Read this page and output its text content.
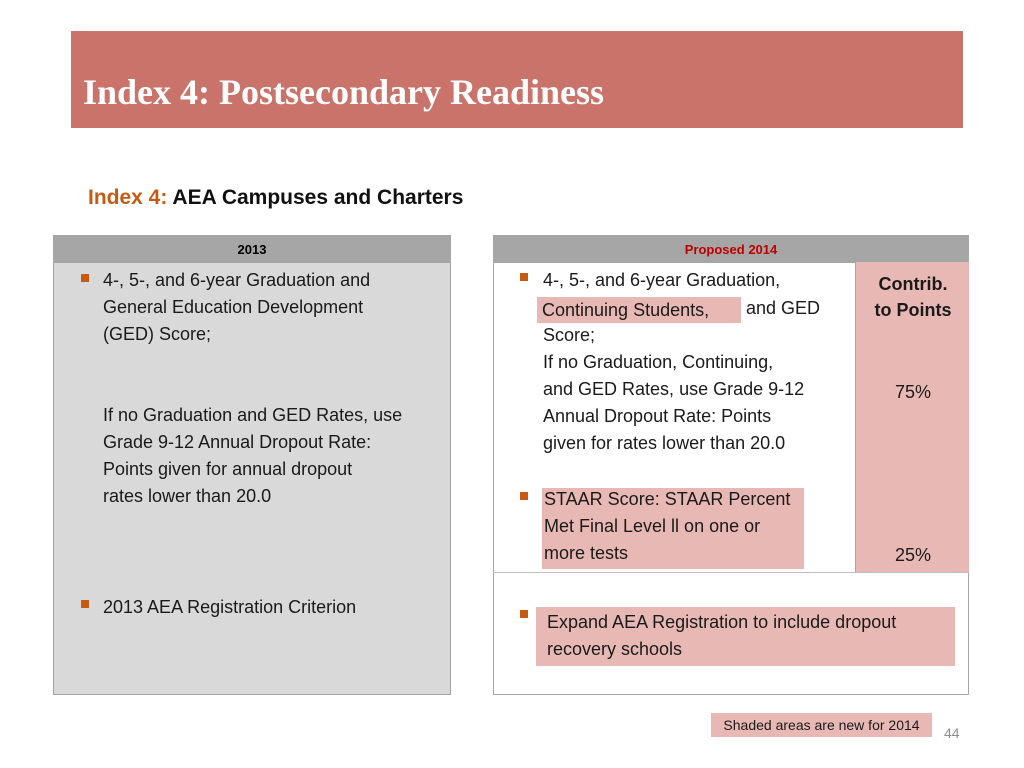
Index 4: Postsecondary Readiness
Index 4: AEA Campuses and Charters
2013
4-, 5-, and 6-year Graduation and
General Education Development
(GED) Score;
If no Graduation and GED Rates, use
Grade 9-12 Annual Dropout Rate:
Points given for annual dropout
rates lower than 20.0
2013 AEA Registration Criterion
Proposed 2014
Contrib.
to Points
75%
25%
4-, 5-, and 6-year Graduation,
Continuing Students, and GED
Score;
If no Graduation, Continuing,
and GED Rates, use Grade 9-12
Annual Dropout Rate: Points
given for rates lower than 20.0
STAAR Score: STAAR Percent
Met Final Level ll on one or
more tests
Expand AEA Registration to include dropout
recovery schools
Shaded areas are new for 2014	44
